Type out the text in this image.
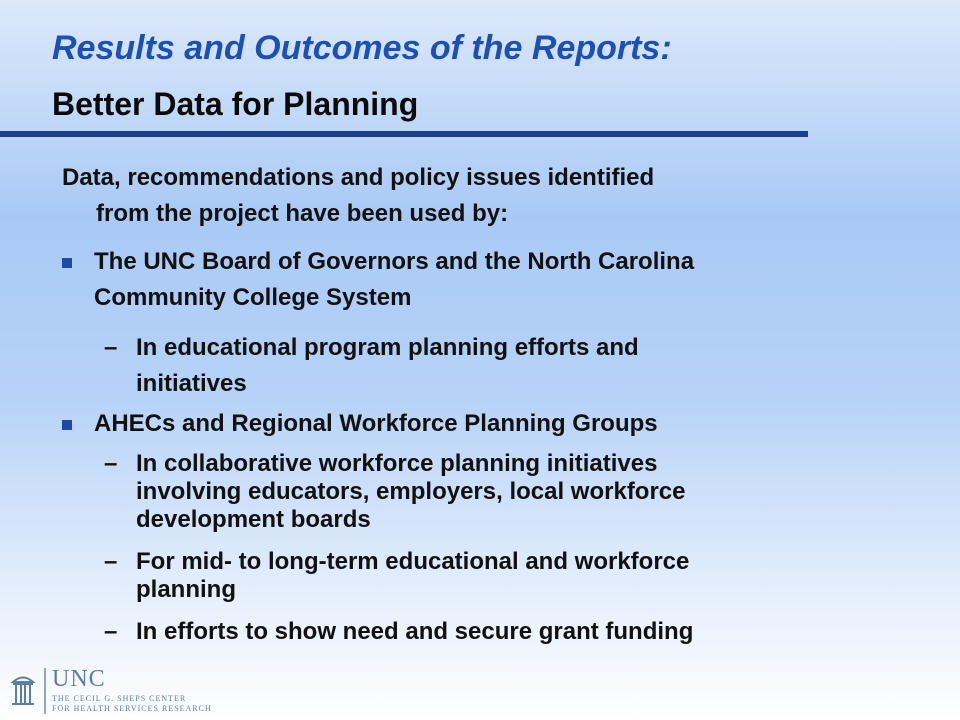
Results and Outcomes of the Reports:
Better Data for Planning
Data, recommendations and policy issues identified
from the project have been used by:
The UNC Board of Governors and the North Carolina
Community College System
– In educational program planning efforts and
initiatives
AHECs and Regional Workforce Planning Groups
– In collaborative workforce planning initiatives
involving educators, employers, local workforce
development boards
– For mid- to long-term educational and workforce
planning
– In efforts to show need and secure grant funding
UNC
THE CECIL G. SHEPS CENTER
FOR HEALTH SERVICES RESEARCH
